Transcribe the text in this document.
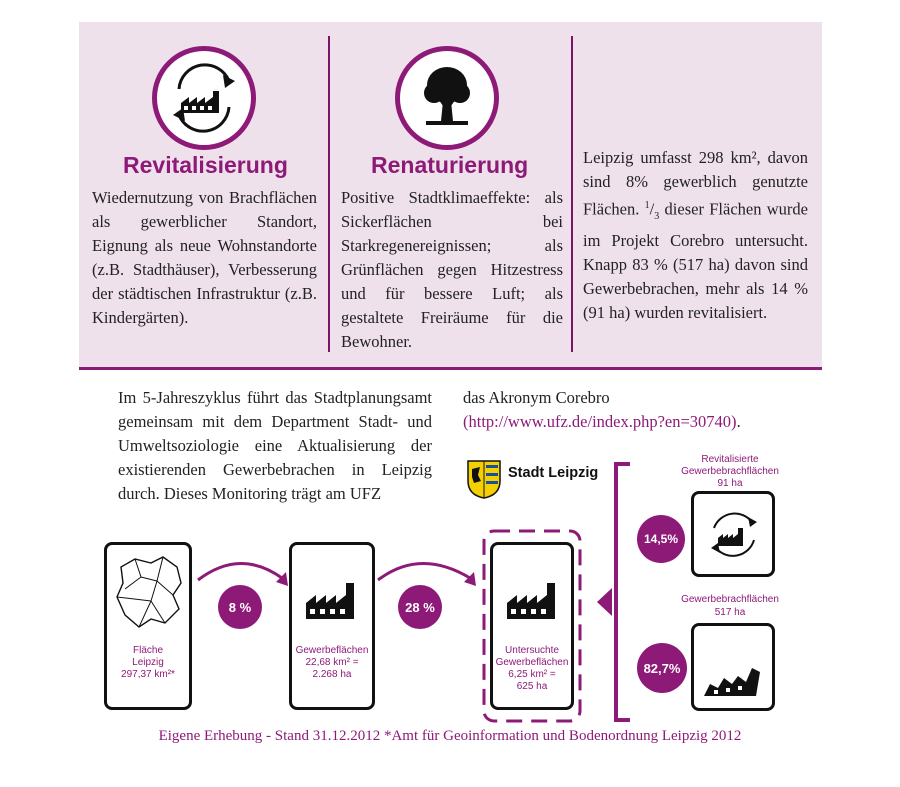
Revitalisierung
Wiedernutzung von Brachflächen als gewerblicher Standort, Eignung als neue Wohnstandorte (z.B. Stadthäuser), Verbesserung der städtischen Infrastruktur (z.B. Kindergärten).
Renaturierung
Positive Stadtklimaeffekte: als Sickerflächen bei Starkregenereignissen; als Grünflächen gegen Hitzestress und für bessere Luft; als gestaltete Freiräume für die Bewohner.
Leipzig umfasst 298 km², davon sind 8% gewerblich genutzte Flächen. $^1/_3$ dieser Flächen wurde im Projekt Corebro untersucht. Knapp 83 % (517 ha) davon sind Gewerbebrachen, mehr als 14 % (91 ha) wurden revitalisiert.
Im 5-Jahreszyklus führt das Stadtplanungsamt gemeinsam mit dem Department Stadt- und Umweltsoziologie eine Aktualisierung der existierenden Gewerbebrachen in Leipzig durch. Dieses Monitoring trägt am UFZ
das Akronym Corebro (http://www.ufz.de/index.php?en=30740).
Stadt Leipzig
Fläche
Leipzig
297,37 km²*
8 %
Gewerbeflächen
22,68 km² =
2.268 ha
28 %
Untersuchte
Gewerbeflächen
6,25 km² =
625 ha
Revitalisierte
Gewerbebrachflächen
91 ha
14,5%
Gewerbebrachflächen
517 ha
82,7%
Eigene Erhebung - Stand 31.12.2012 *Amt für Geoinformation und Bodenordnung Leipzig 2012
